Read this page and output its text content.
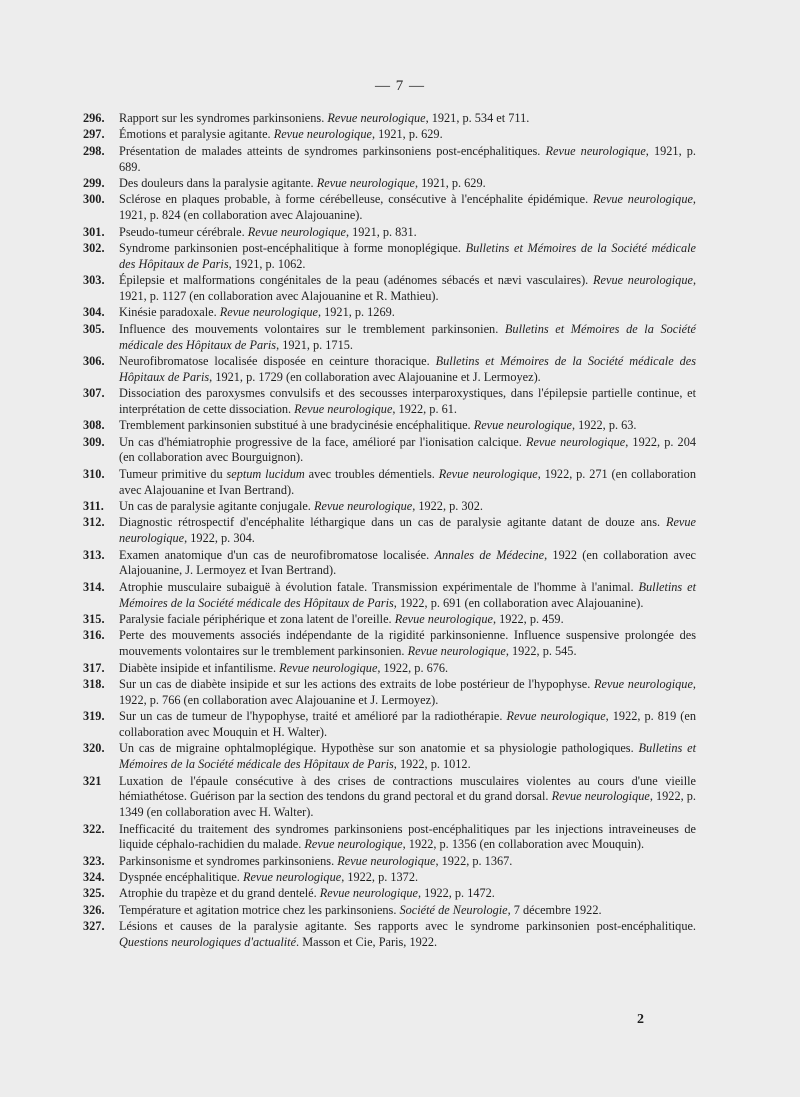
— 7 —
296. Rapport sur les syndromes parkinsoniens. Revue neurologique, 1921, p. 534 et 711.
297. Émotions et paralysie agitante. Revue neurologique, 1921, p. 629.
298. Présentation de malades atteints de syndromes parkinsoniens post-encéphalitiques. Revue neurologique, 1921, p. 689.
299. Des douleurs dans la paralysie agitante. Revue neurologique, 1921, p. 629.
300. Sclérose en plaques probable, à forme cérébelleuse, consécutive à l'encéphalite épidémique. Revue neurologique, 1921, p. 824 (en collaboration avec Alajouanine).
301. Pseudo-tumeur cérébrale. Revue neurologique, 1921, p. 831.
302. Syndrome parkinsonien post-encéphalitique à forme monoplégique. Bulletins et Mémoires de la Société médicale des Hôpitaux de Paris, 1921, p. 1062.
303. Épilepsie et malformations congénitales de la peau (adénomes sébacés et nævi vasculaires). Revue neurologique, 1921, p. 1127 (en collaboration avec Alajouanine et R. Mathieu).
304. Kinésie paradoxale. Revue neurologique, 1921, p. 1269.
305. Influence des mouvements volontaires sur le tremblement parkinsonien. Bulletins et Mémoires de la Société médicale des Hôpitaux de Paris, 1921, p. 1715.
306. Neurofibromatose localisée disposée en ceinture thoracique. Bulletins et Mémoires de la Société médicale des Hôpitaux de Paris, 1921, p. 1729 (en collaboration avec Alajouanine et J. Lermoyez).
307. Dissociation des paroxysmes convulsifs et des secousses interparoxystiques, dans l'épilepsie partielle continue, et interprétation de cette dissociation. Revue neurologique, 1922, p. 61.
308. Tremblement parkinsonien substitué à une bradycinésie encéphalitique. Revue neurologique, 1922, p. 63.
309. Un cas d'hémiatrophie progressive de la face, amélioré par l'ionisation calcique. Revue neurologique, 1922, p. 204 (en collaboration avec Bourguignon).
310. Tumeur primitive du septum lucidum avec troubles démentiels. Revue neurologique, 1922, p. 271 (en collaboration avec Alajouanine et Ivan Bertrand).
311. Un cas de paralysie agitante conjugale. Revue neurologique, 1922, p. 302.
312. Diagnostic rétrospectif d'encéphalite léthargique dans un cas de paralysie agitante datant de douze ans. Revue neurologique, 1922, p. 304.
313. Examen anatomique d'un cas de neurofibromatose localisée. Annales de Médecine, 1922 (en collaboration avec Alajouanine, J. Lermoyez et Ivan Bertrand).
314. Atrophie musculaire subaiguë à évolution fatale. Transmission expérimentale de l'homme à l'animal. Bulletins et Mémoires de la Société médicale des Hôpitaux de Paris, 1922, p. 691 (en collaboration avec Alajouanine).
315. Paralysie faciale périphérique et zona latent de l'oreille. Revue neurologique, 1922, p. 459.
316. Perte des mouvements associés indépendante de la rigidité parkinsonienne. Influence suspensive prolongée des mouvements volontaires sur le tremblement parkinsonien. Revue neurologique, 1922, p. 545.
317. Diabète insipide et infantilisme. Revue neurologique, 1922, p. 676.
318. Sur un cas de diabète insipide et sur les actions des extraits de lobe postérieur de l'hypophyse. Revue neurologique, 1922, p. 766 (en collaboration avec Alajouanine et J. Lermoyez).
319. Sur un cas de tumeur de l'hypophyse, traité et amélioré par la radiothérapie. Revue neurologique, 1922, p. 819 (en collaboration avec Mouquin et H. Walter).
320. Un cas de migraine ophtalmoplégique. Hypothèse sur son anatomie et sa physiologie pathologiques. Bulletins et Mémoires de la Société médicale des Hôpitaux de Paris, 1922, p. 1012.
321 Luxation de l'épaule consécutive à des crises de contractions musculaires violentes au cours d'une vieille hémiathétose. Guérison par la section des tendons du grand pectoral et du grand dorsal. Revue neurologique, 1922, p. 1349 (en collaboration avec H. Walter).
322. Inefficacité du traitement des syndromes parkinsoniens post-encéphalitiques par les injections intraveineuses de liquide céphalo-rachidien du malade. Revue neurologique, 1922, p. 1356 (en collaboration avec Mouquin).
323. Parkinsonisme et syndromes parkinsoniens. Revue neurologique, 1922, p. 1367.
324. Dyspnée encéphalitique. Revue neurologique, 1922, p. 1372.
325. Atrophie du trapèze et du grand dentelé. Revue neurologique, 1922, p. 1472.
326. Température et agitation motrice chez les parkinsoniens. Société de Neurologie, 7 décembre 1922.
327. Lésions et causes de la paralysie agitante. Ses rapports avec le syndrome parkinsonien post-encéphalitique. Questions neurologiques d'actualité. Masson et Cie, Paris, 1922.
2
